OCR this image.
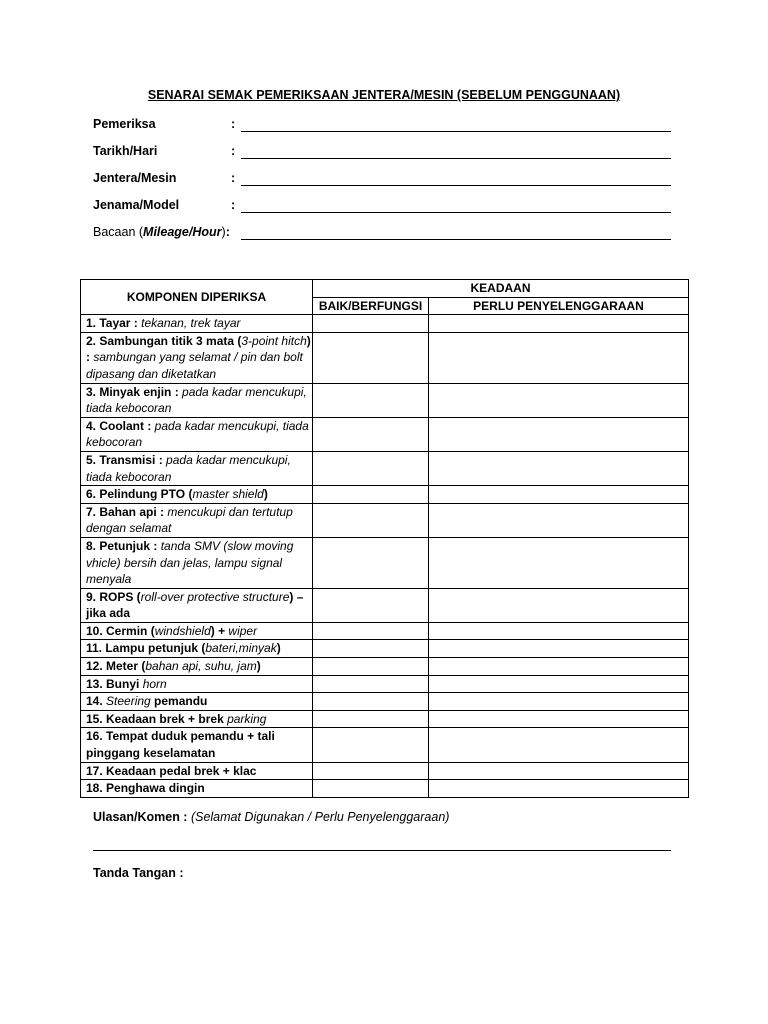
SENARAI SEMAK PEMERIKSAAN JENTERA/MESIN (SEBELUM PENGGUNAAN)
Pemeriksa	:
Tarikh/Hari	:
Jentera/Mesin	:
Jenama/Model	:
Bacaan (Mileage/Hour):
KOMPONEN DIPERIKSA	KEADAAN	
	BAIK/BERFUNGSI	PERLU PENYELENGGARAAN
1. Tayar : tekanan, trek tayar		
2. Sambungan titik 3 mata (3-point hitch) : sambungan yang selamat / pin dan bolt dipasang dan diketatkan		
3. Minyak enjin : pada kadar mencukupi, tiada kebocoran		
4. Coolant : pada kadar mencukupi, tiada kebocoran		
5. Transmisi : pada kadar mencukupi, tiada kebocoran		
6. Pelindung PTO (master shield)		
7. Bahan api : mencukupi dan tertutup dengan selamat		
8. Petunjuk : tanda SMV (slow moving vhicle) bersih dan jelas, lampu signal menyala		
9. ROPS (roll-over protective structure) – jika ada		
10. Cermin (windshield) + wiper		
11. Lampu petunjuk (bateri,minyak)		
12. Meter (bahan api, suhu, jam)		
13. Bunyi horn		
14. Steering pemandu		
15. Keadaan brek + brek parking		
16. Tempat duduk pemandu + tali pinggang keselamatan		
17. Keadaan pedal brek + klac		
18. Penghawa dingin		
Ulasan/Komen : (Selamat Digunakan / Perlu Penyelenggaraan)
Tanda Tangan :
